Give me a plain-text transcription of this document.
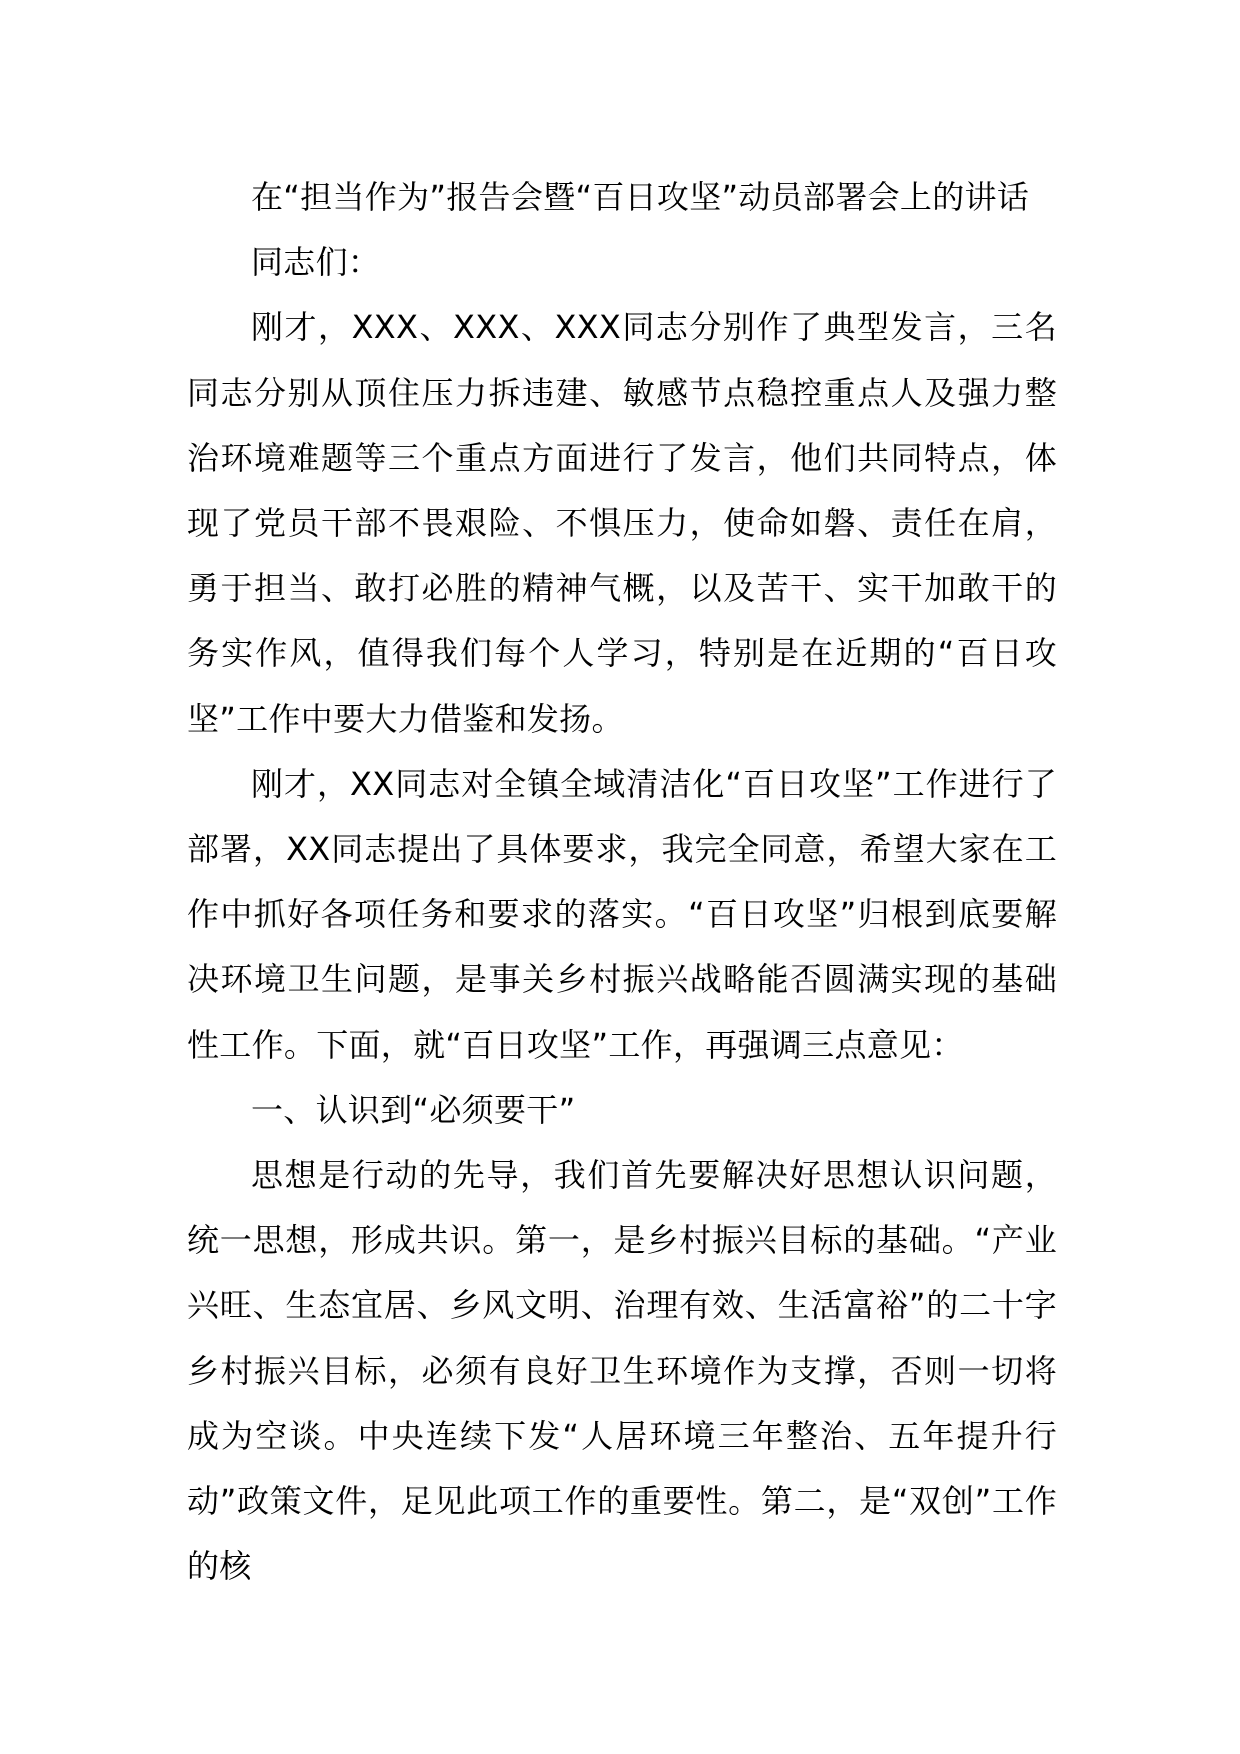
在“担当作为”报告会暨“百日攻坚”动员部署会上的讲话

同志们：

刚才，XXX、XXX、XXX同志分别作了典型发言，三名同志分别从顶住压力拆违建、敏感节点稳控重点人及强力整治环境难题等三个重点方面进行了发言，他们共同特点，体现了党员干部不畏艰险、不惧压力，使命如磐、责任在肩，勇于担当、敢打必胜的精神气概，以及苦干、实干加敢干的务实作风，值得我们每个人学习，特别是在近期的“百日攻坚”工作中要大力借鉴和发扬。

刚才，XX同志对全镇全域清洁化“百日攻坚”工作进行了部署，XX同志提出了具体要求，我完全同意，希望大家在工作中抓好各项任务和要求的落实。“百日攻坚”归根到底要解决环境卫生问题，是事关乡村振兴战略能否圆满实现的基础性工作。下面，就“百日攻坚”工作，再强调三点意见：

一、认识到“必须要干”

思想是行动的先导，我们首先要解决好思想认识问题，统一思想，形成共识。第一，是乡村振兴目标的基础。“产业兴旺、生态宜居、乡风文明、治理有效、生活富裕”的二十字乡村振兴目标，必须有良好卫生环境作为支撑，否则一切将成为空谈。中央连续下发“人居环境三年整治、五年提升行动”政策文件，足见此项工作的重要性。第二，是“双创”工作的核
